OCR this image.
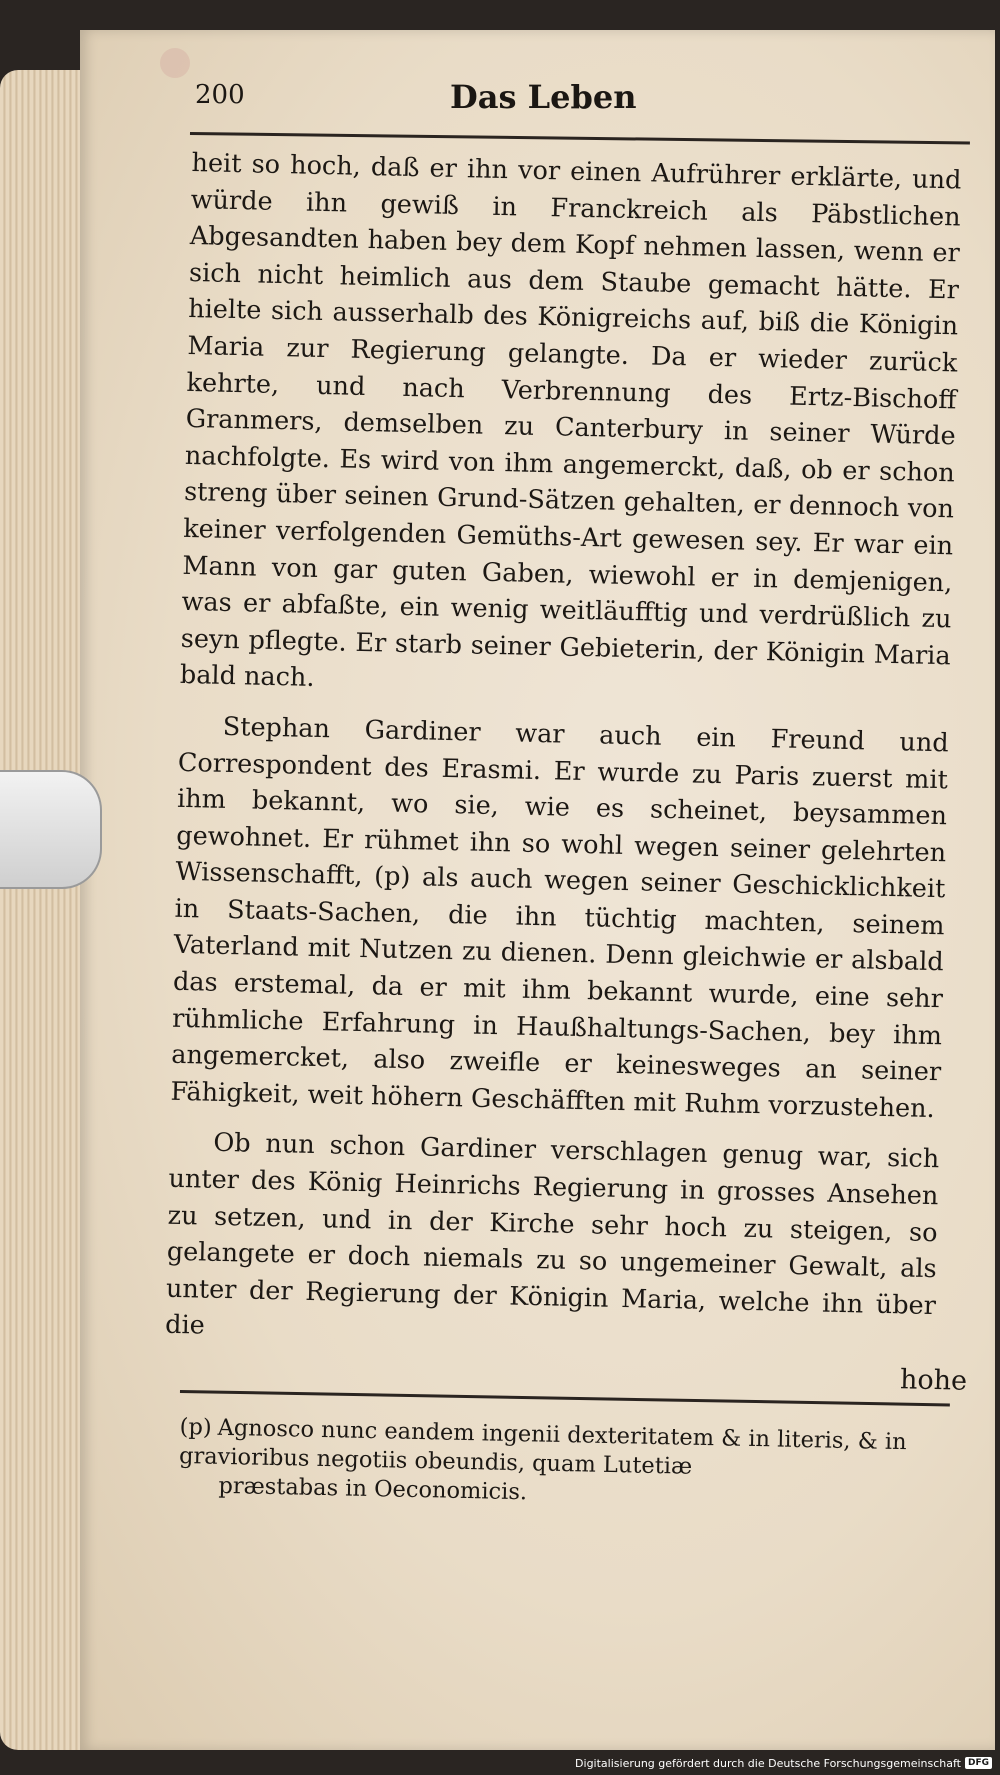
200	Das Leben

heit so hoch, daß er ihn vor einen Aufrührer erklärte, und würde ihn gewiß in Franckreich als Päbstlichen Abgesandten haben bey dem Kopf nehmen lassen, wenn er sich nicht heimlich aus dem Staube gemacht hätte. Er hielte sich ausserhalb des Königreichs auf, biß die Königin Maria zur Regierung gelangte. Da er wieder zurück kehrte, und nach Verbrennung des Ertz-Bischoff Granmers, demselben zu Canterbury in seiner Würde nachfolgte. Es wird von ihm angemerckt, daß, ob er schon streng über seinen Grund-Sätzen gehalten, er dennoch von keiner verfolgenden Gemüths-Art gewesen sey. Er war ein Mann von gar guten Gaben, wiewohl er in demjenigen, was er abfaßte, ein wenig weitläufftig und verdrüßlich zu seyn pflegte. Er starb seiner Gebieterin, der Königin Maria bald nach.

Stephan Gardiner war auch ein Freund und Correspondent des Erasmi. Er wurde zu Paris zuerst mit ihm bekannt, wo sie, wie es scheinet, beysammen gewohnet. Er rühmet ihn so wohl wegen seiner gelehrten Wissenschafft, (p) als auch wegen seiner Geschicklichkeit in Staats-Sachen, die ihn tüchtig machten, seinem Vaterland mit Nutzen zu dienen. Denn gleichwie er alsbald das erstemal, da er mit ihm bekannt wurde, eine sehr rühmliche Erfahrung in Haußhaltungs-Sachen, bey ihm angemercket, also zweifle er keinesweges an seiner Fähigkeit, weit höhern Geschäfften mit Ruhm vorzustehen.

Ob nun schon Gardiner verschlagen genug war, sich unter des König Heinrichs Regierung in grosses Ansehen zu setzen, und in der Kirche sehr hoch zu steigen, so gelangete er doch niemals zu so ungemeiner Gewalt, als unter der Regierung der Königin Maria, welche ihn über die

hohe
(p) Agnosco nunc eandem ingenii dexteritatem & in literis, & in gravioribus negotiis obeundis, quam Lutetiæ
præstabas in Oeconomicis.
Digitalisierung gefördert durch die Deutsche Forschungsgemeinschaft DFG
